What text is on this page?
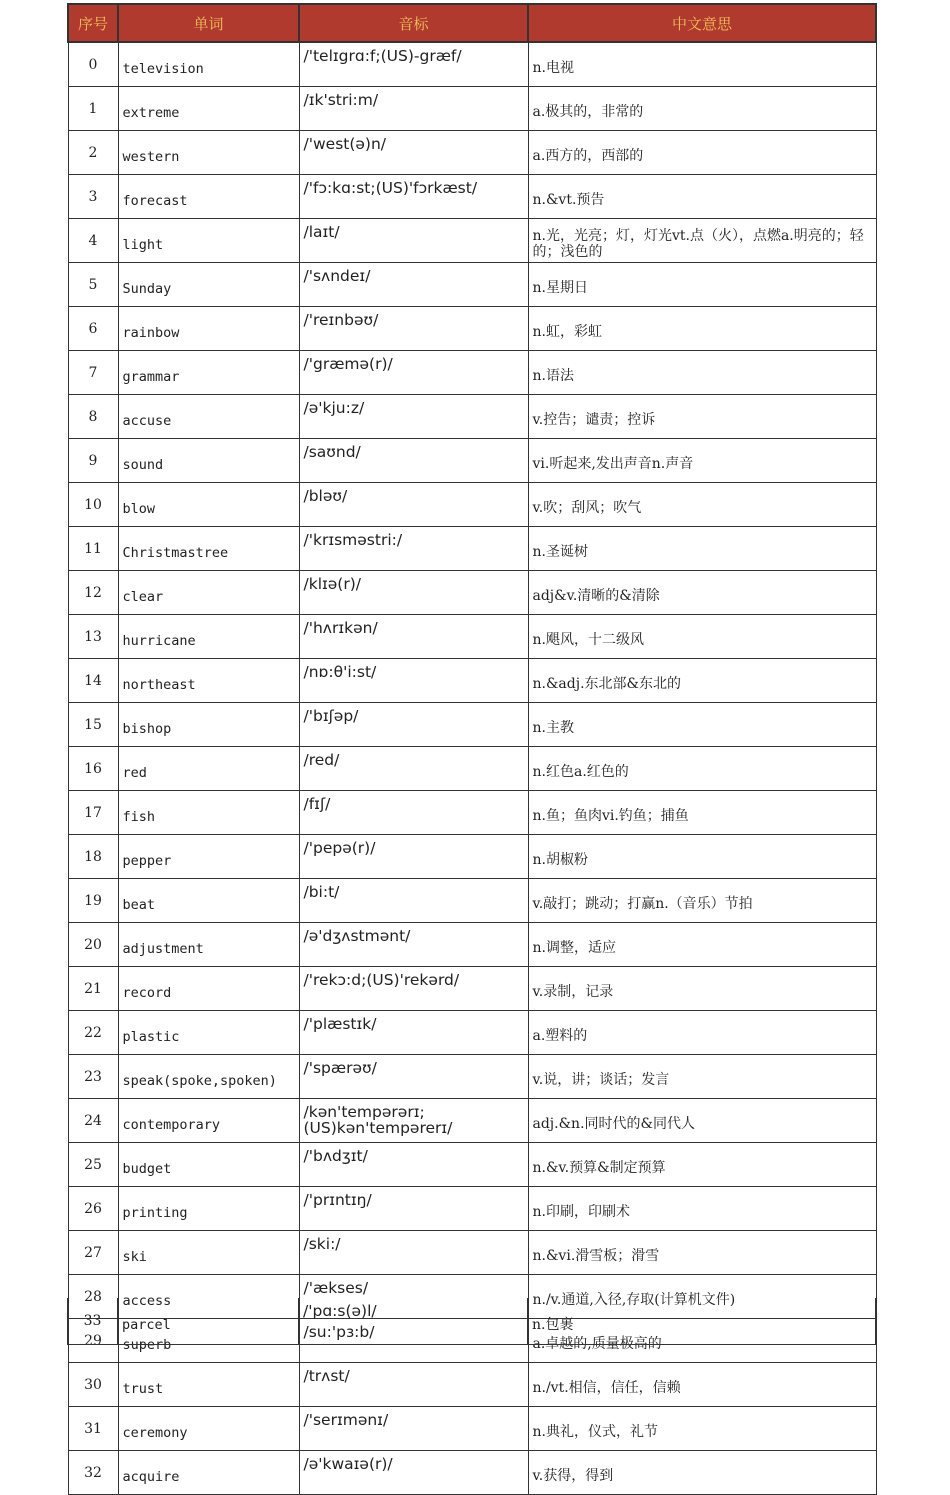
序号	单词	音标	中文意思
0	television	/'telɪgrɑ:f;(US)-græf/	n.电视
1	extreme	/ɪk'stri:m/	a.极其的，非常的
2	western	/'west(ə)n/	a.西方的，西部的
3	forecast	/'fɔ:kɑ:st;(US)'fɔrkæst/	n.&vt.预告
4	light	/laɪt/	n.光，光亮；灯，灯光vt.点（火），点燃a.明亮的；轻的；浅色的
5	Sunday	/'sʌndeɪ/	n.星期日
6	rainbow	/'reɪnbəʊ/	n.虹，彩虹
7	grammar	/'græmə(r)/	n.语法
8	accuse	/ə'kju:z/	v.控告；谴责；控诉
9	sound	/saʊnd/	vi.听起来,发出声音n.声音
10	blow	/bləʊ/	v.吹；刮风；吹气
11	Christmastree	/'krɪsməstri:/	n.圣诞树
12	clear	/klɪə(r)/	adj&v.清晰的&清除
13	hurricane	/'hʌrɪkən/	n.飓风，十二级风
14	northeast	/nɒ:θ'i:st/	n.&adj.东北部&东北的
15	bishop	/'bɪʃəp/	n.主教
16	red	/red/	n.红色a.红色的
17	fish	/fɪʃ/	n.鱼；鱼肉vi.钓鱼；捕鱼
18	pepper	/'pepə(r)/	n.胡椒粉
19	beat	/bi:t/	v.敲打；跳动；打赢n.（音乐）节拍
20	adjustment	/ə'dʒʌstmənt/	n.调整，适应
21	record	/'rekɔ:d;(US)'rekərd/	v.录制，记录
22	plastic	/'plæstɪk/	a.塑料的
23	speak(spoke,spoken)	/'spærəʊ/	v.说，讲；谈话；发言
24	contemporary	/kən'tempərərɪ;(US)kən'tempərerɪ/	adj.&n.同时代的&同代人
25	budget	/'bʌdʒɪt/	n.&v.预算&制定预算
26	printing	/'prɪntɪŋ/	n.印刷，印刷术
27	ski	/ski:/	n.&vi.滑雪板；滑雪
28	access	/'ækses/	n./v.通道,入径,存取(计算机文件)
29	superb	/su:'pɜ:b/	a.卓越的,质量极高的
30	trust	/trʌst/	n./vt.相信，信任，信赖
31	ceremony	/'serɪmənɪ/	n.典礼，仪式，礼节
32	acquire	/ə'kwaɪə(r)/	v.获得，得到
33	parcel	/'pɑ:s(ə)l/	n.包裹
